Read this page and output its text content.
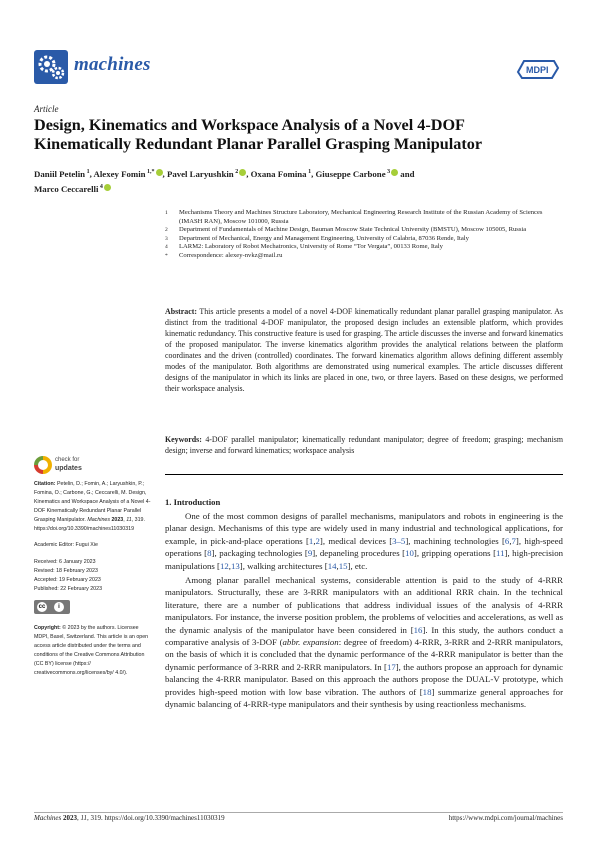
machines	MDPI
Article
Design, Kinematics and Workspace Analysis of a Novel 4-DOF Kinematically Redundant Planar Parallel Grasping Manipulator
Daniil Petelin $^1$, Alexey Fomin $^{1,*}$ , Pavel Laryushkin $^2$ , Oxana Fomina $^1$, Giuseppe Carbone $^3$ and
Marco Ceccarelli $^4$
1	Mechanisms Theory and Machines Structure Laboratory, Mechanical Engineering Research Institute of the Russian Academy of Sciences (IMASH RAN), Moscow 101000, Russia
2	Department of Fundamentals of Machine Design, Bauman Moscow State Technical University (BMSTU), Moscow 105005, Russia
3	Department of Mechanical, Energy and Management Engineering, University of Calabria, 87036 Rende, Italy
4	LARM2: Laboratory of Robot Mechatronics, University of Rome “Tor Vergata”, 00133 Rome, Italy
*	Correspondence: alexey-nvkz@mail.ru
Abstract: This article presents a model of a novel 4-DOF kinematically redundant planar parallel grasping manipulator. As distinct from the traditional 4-DOF manipulator, the proposed design includes an extensible platform, which provides kinematic redundancy. This constructive feature is used for grasping. The article discusses the inverse and forward kinematics of the proposed manipulator. The inverse kinematics algorithm provides the analytical relations between the platform coordinates and the driven (controlled) coordinates. The forward kinematics algorithm allows defining different assembly modes of the manipulator. Both algorithms are demonstrated using numerical examples. The article discusses different designs of the manipulator in which its links are placed in one, two, or three layers. Based on these designs, we performed their workspace analysis.
Keywords: 4-DOF parallel manipulator; kinematically redundant manipulator; degree of freedom; grasping; mechanism design; inverse and forward kinematics; workspace analysis
check for
updates

Citation: Petelin, D.; Fomin, A.; Laryushkin, P.; Fomina, O.; Carbone, G.; Ceccarelli, M. Design, Kinematics and Workspace Analysis of a Novel 4-DOF Kinematically Redundant Planar Parallel Grasping Manipulator. Machines 2023, 11, 319. https://doi.org/10.3390/machines11030319

Academic Editor: Fugui Xie

Received: 6 January 2023

Revised: 18 February 2023

Accepted: 19 February 2023

Published: 22 February 2023

cc	i

Copyright: © 2023 by the authors. Licensee MDPI, Basel, Switzerland. This article is an open access article distributed under the terms and conditions of the Creative Commons Attribution (CC BY) license (https:// creativecommons.org/licenses/by/ 4.0/).

1. Introduction

One of the most common designs of parallel mechanisms, manipulators and robots in engineering is the planar design. Mechanisms of this type are widely used in many industrial and technological applications, for example, in pick-and-place operations [1,2], medical devices [3–5], machining technologies [6,7], high-speed operations [8], packaging technologies [9], depaneling procedures [10], gripping operations [11], high-precision manipulations [12,13], walking architectures [14,15], etc.

Among planar parallel mechanical systems, considerable attention is paid to the study of 4-RRR manipulators. Structurally, these are 3-RRR manipulators with an additional RRR chain. In the technical literature, there are a number of publications that address individual issues of the analysis of 4-RRR manipulators. For instance, the inverse position problem, the problems of velocities and accelerations, as well as the dynamic analysis of the manipulator have been considered in [16]. In this study, the authors conduct a comparative analysis of 3-DOF (abbr. expansion: degree of freedom) 4-RRR, 3-RRR and 2-RRR manipulators, on the basis of which it is concluded that the dynamic performance of the 4-RRR manipulator is better than the dynamic performance of 3-RRR and 2-RRR manipulators. In [17], the authors propose an approach for dynamic balancing the 4-RRR manipulator. Based on this approach the authors propose the DUAL-V prototype, which provides high-speed motion with low base vibration. The authors of [18] summarize general approaches for dynamic balancing of 4-RRR-type manipulators and their synthesis by using reactionless mechanisms.

Machines 2023, 11, 319. https://doi.org/10.3390/machines11030319	https://www.mdpi.com/journal/machines
